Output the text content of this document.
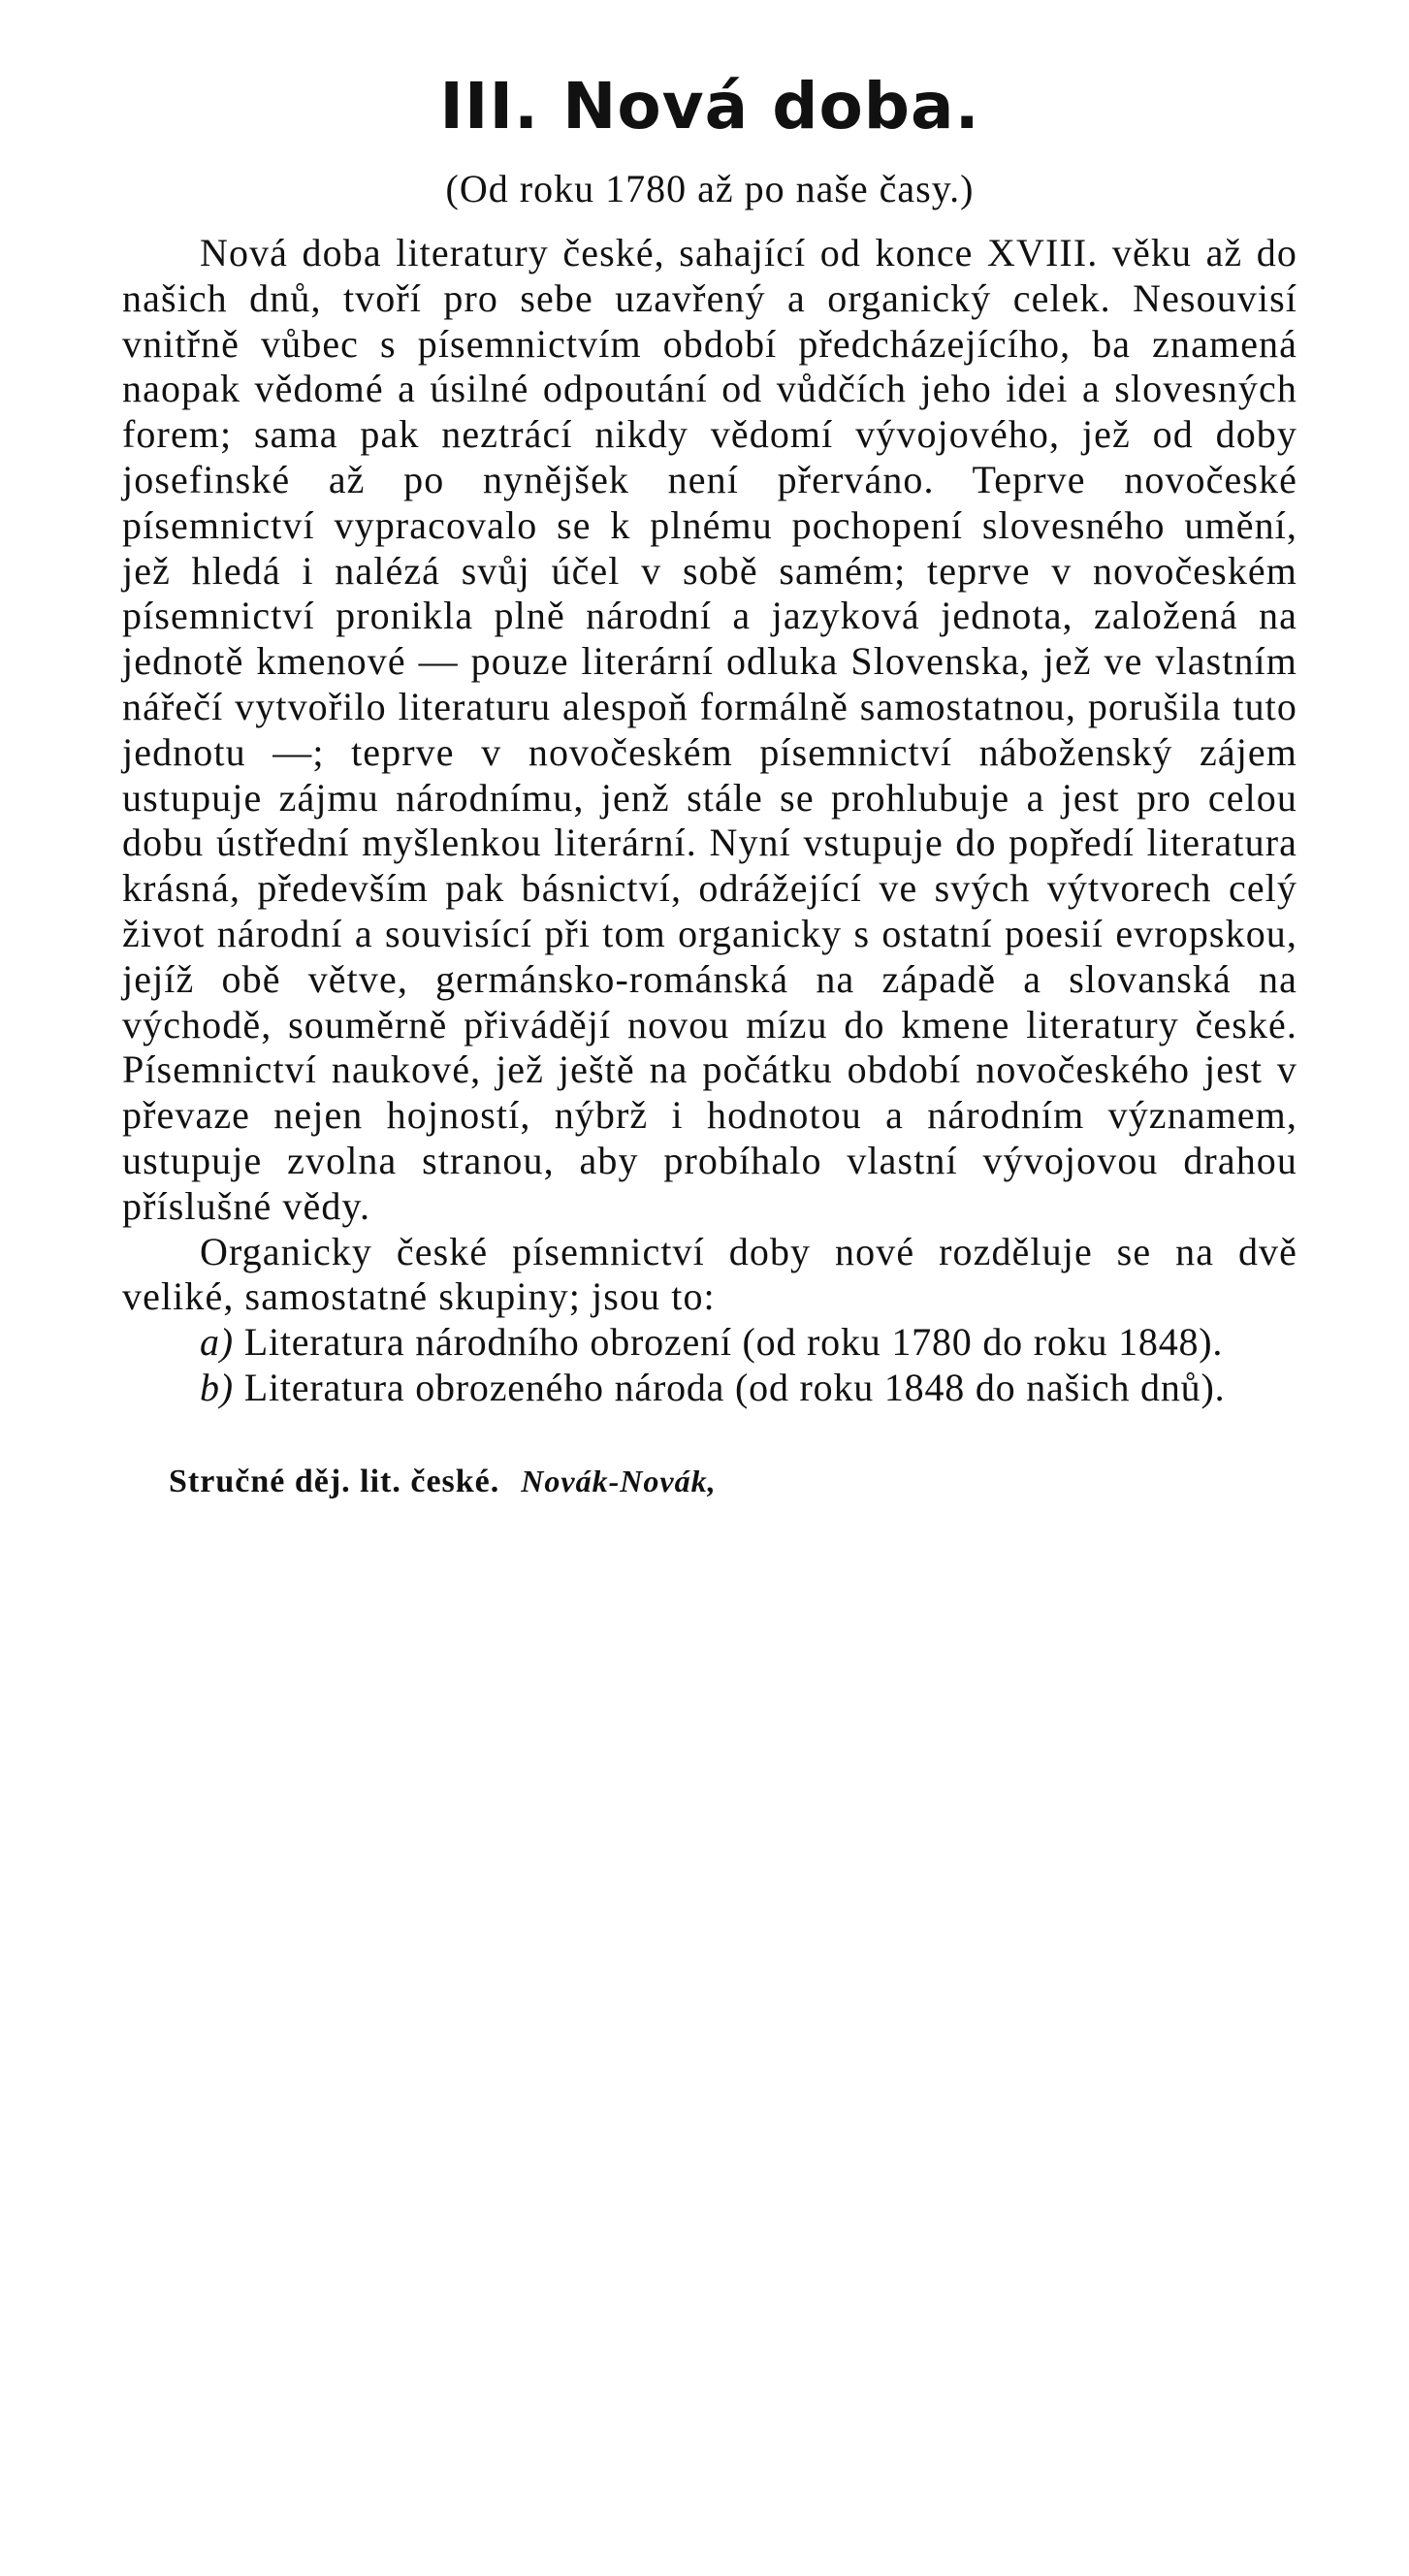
III. Nová doba.

(Od roku 1780 až po naše časy.)

Nová doba literatury české, sahající od konce XVIII. věku až do našich dnů, tvoří pro sebe uzavřený a organický celek. Nesouvisí vnitřně vůbec s písemnictvím období předcházejícího, ba znamená naopak vědomé a úsilné odpoutání od vůdčích jeho idei a slovesných forem; sama pak neztrácí nikdy vědomí vývojového, jež od doby josefinské až po nynějšek není přerváno. Teprve novočeské písemnictví vypracovalo se k plnému pochopení slovesného umění, jež hledá i nalézá svůj účel v sobě samém; teprve v novočeském písemnictví pronikla plně národní a jazyková jednota, založená na jednotě kmenové — pouze literární odluka Slovenska, jež ve vlastním nářečí vytvořilo literaturu alespoň formálně samostatnou, porušila tuto jednotu —; teprve v novočeském písemnictví náboženský zájem ustupuje zájmu národnímu, jenž stále se prohlubuje a jest pro celou dobu ústřední myšlenkou literární. Nyní vstupuje do popředí literatura krásná, především pak básnictví, odrážející ve svých výtvorech celý život národní a souvisící při tom organicky s ostatní poesií evropskou, jejíž obě větve, germánsko-románská na západě a slovanská na východě, souměrně přivádějí novou mízu do kmene literatury české. Písemnictví naukové, jež ještě na počátku období novočeského jest v převaze nejen hojností, nýbrž i hodnotou a národním významem, ustupuje zvolna stranou, aby probíhalo vlastní vývojovou drahou příslušné vědy.

Organicky české písemnictví doby nové rozděluje se na dvě veliké, samostatné skupiny; jsou to:

a) Literatura národního obrození (od roku 1780 do roku 1848).

b) Literatura obrozeného národa (od roku 1848 do našich dnů).

Stručné děj. lit. české. Novák-Novák,
